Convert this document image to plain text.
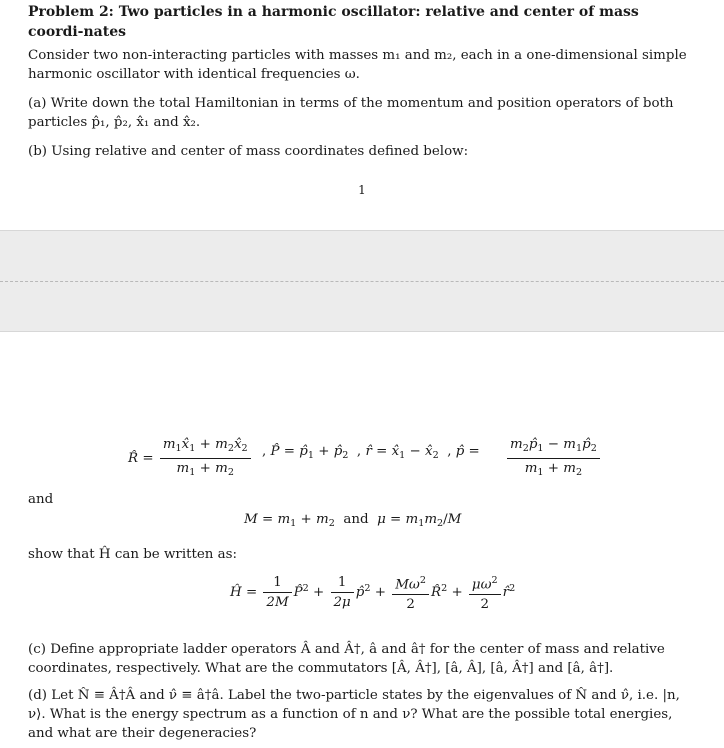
Problem 2: Two particles in a harmonic oscillator: relative and center of mass coordi-nates
Consider two non-interacting particles with masses m₁ and m₂, each in a one-dimensional simple harmonic oscillator with identical frequencies ω.
(a) Write down the total Hamiltonian in terms of the momentum and position operators of both particles p̂₁, p̂₂, x̂₁ and x̂₂.
(b) Using relative and center of mass coordinates defined below:
1
R̂ = $\frac{m_1x̂_1 + m_2x̂_2}{m_1 + m_2}$ , P̂ = $p̂_1$ + $p̂_2$  , r̂ = $x̂_1$ − $x̂_2$  , p̂ = $\frac{m_2p̂_1 - m_1p̂_2}{m_1 + m_2}$
and
$M = m_1 + m_2$ and $\mu = m_1m_2/M$
show that Ĥ can be written as:
Ĥ = $\frac{1}{2M}$ P̂$^2$ + $\frac{1}{2\mu}$ p̂$^2$ + $\frac{M\omega^2}{2}$ R̂$^2$ + $\frac{\mu\omega^2}{2}$ r̂$^2$
(c) Define appropriate ladder operators Â and Â†, â and â† for the center of mass and relative coordinates, respectively. What are the commutators [Â, Â†], [â, Â], [â, Â†] and [â, â†].
(d) Let N̂ ≡ Â†Â and ν̂ ≡ â†â. Label the two-particle states by the eigenvalues of N̂ and ν̂, i.e. |n, ν⟩. What is the energy spectrum as a function of n and ν? What are the possible total energies, and what are their degeneracies?
